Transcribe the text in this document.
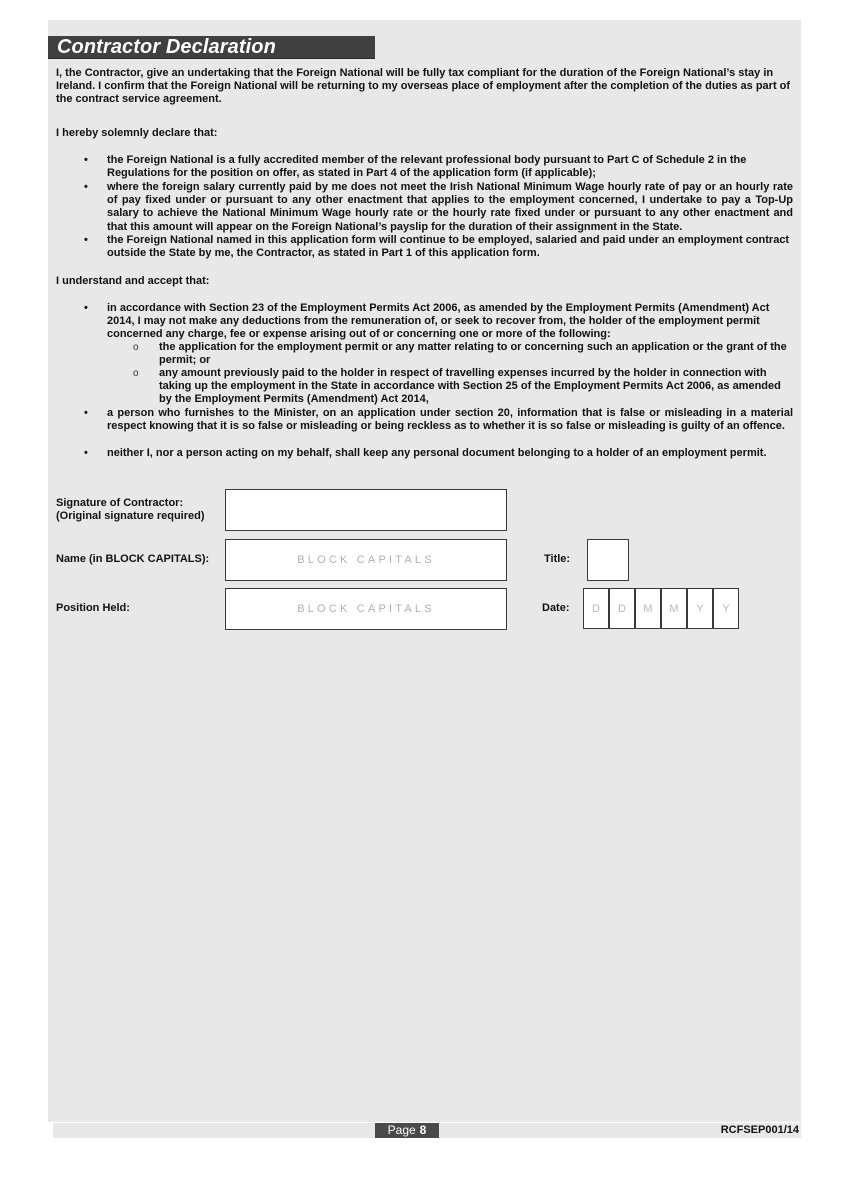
Contractor Declaration
I, the Contractor, give an undertaking that the Foreign National will be fully tax compliant for the duration of the Foreign National’s stay in Ireland. I confirm that the Foreign National will be returning to my overseas place of employment after the completion of the duties as part of the contract service agreement.
I hereby solemnly declare that:
•	the Foreign National is a fully accredited member of the relevant professional body pursuant to Part C of Schedule 2 in the Regulations for the position on offer, as stated in Part 4 of the application form (if applicable);
•	where the foreign salary currently paid by me does not meet the Irish National Minimum Wage hourly rate of pay or an hourly rate of pay fixed under or pursuant to any other enactment that applies to the employment concerned, I undertake to pay a Top-Up salary to achieve the National Minimum Wage hourly rate or the hourly rate fixed under or pursuant to any other enactment and that this amount will appear on the Foreign National’s payslip for the duration of their assignment in the State.
•	the Foreign National named in this application form will continue to be employed, salaried and paid under an employment contract outside the State by me, the Contractor, as stated in Part 1 of this application form.
I understand and accept that:
•	in accordance with Section 23 of the Employment Permits Act 2006, as amended by the Employment Permits (Amendment) Act 2014, I may not make any deductions from the remuneration of, or seek to recover from, the holder of the employment permit concerned any charge, fee or expense arising out of or concerning one or more of the following:
o	the application for the employment permit or any matter relating to or concerning such an application or the grant of the permit; or
o	any amount previously paid to the holder in respect of travelling expenses incurred by the holder in connection with taking up the employment in the State in accordance with Section 25 of the Employment Permits Act 2006, as amended by the Employment Permits (Amendment) Act 2014,
•	a person who furnishes to the Minister, on an application under section 20, information that is false or misleading in a material respect knowing that it is so false or misleading or being reckless as to whether it is so false or misleading is guilty of an offence.
•	neither I, nor a person acting on my behalf, shall keep any personal document belonging to a holder of an employment permit.
Signature of Contractor:
(Original signature required)
Name (in BLOCK CAPITALS):	BLOCK CAPITALS	Title:
Position Held:	BLOCK CAPITALS	Date:	D	D	M	M	Y	Y
Page 8	RCFSEP001/14
